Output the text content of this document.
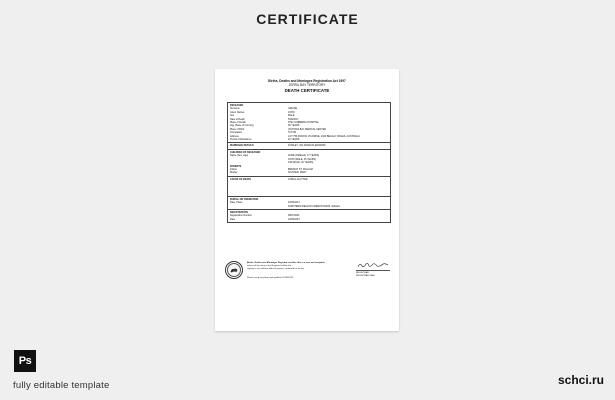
CERTIFICATE
Births, Deaths and Marriages Registration Act 1997
JERRU BAY TERRITORY
DEATH CERTIFICATE
DECEASED
Surname	CRUISE
Given Names	JOHN
Sex	MALE
Date of Death	5/09/2017
Place of Death	THE CANBERRA HOSPITAL
Age (State of Country)	90 YEARS
Place of Birth	VICTORIA BAY MEDICAL CENTER
Occupation	TUTOR
Address	LOT 750 PACIFIC VIA DRIVE, 2040 BEGGLY WALES, AUSTRALIA
Period of Residence	20 YEARS
MARRIAGE DETAILS	FOWLEY, IAN FRANCIS EDWARD
CHILDREN OF DECEASED
Name (Sex, Age)	ANNE (FEMALE, 17 YEARS)
JOHN (MALE, 25 YEARS)
JIM (MALE, 32 YEARS)
PARENTS
Father	BRENCH ST, WILLIAM
Mother	FIGHTER, MARY
CAUSE OF DEATH	ATRIAL FLUTTER
BURIAL OR CREMATION
Date, Place	10/09/2017
NORTHERN REGION CREMATORIUM, WALES
REGISTRATION
Registration Number	6907/2026
Date	10/09/2017
Births, Deaths and Marriages Registrar certifies this is a true and complete
extract of the entry in the Register held by the
registry in accordance with the powers conferred on me by
Please verify any form and qualified 2019/02/26
REGISTRAR
REGISTRAR SEAL
Ps
fully editable template	schci.ru
